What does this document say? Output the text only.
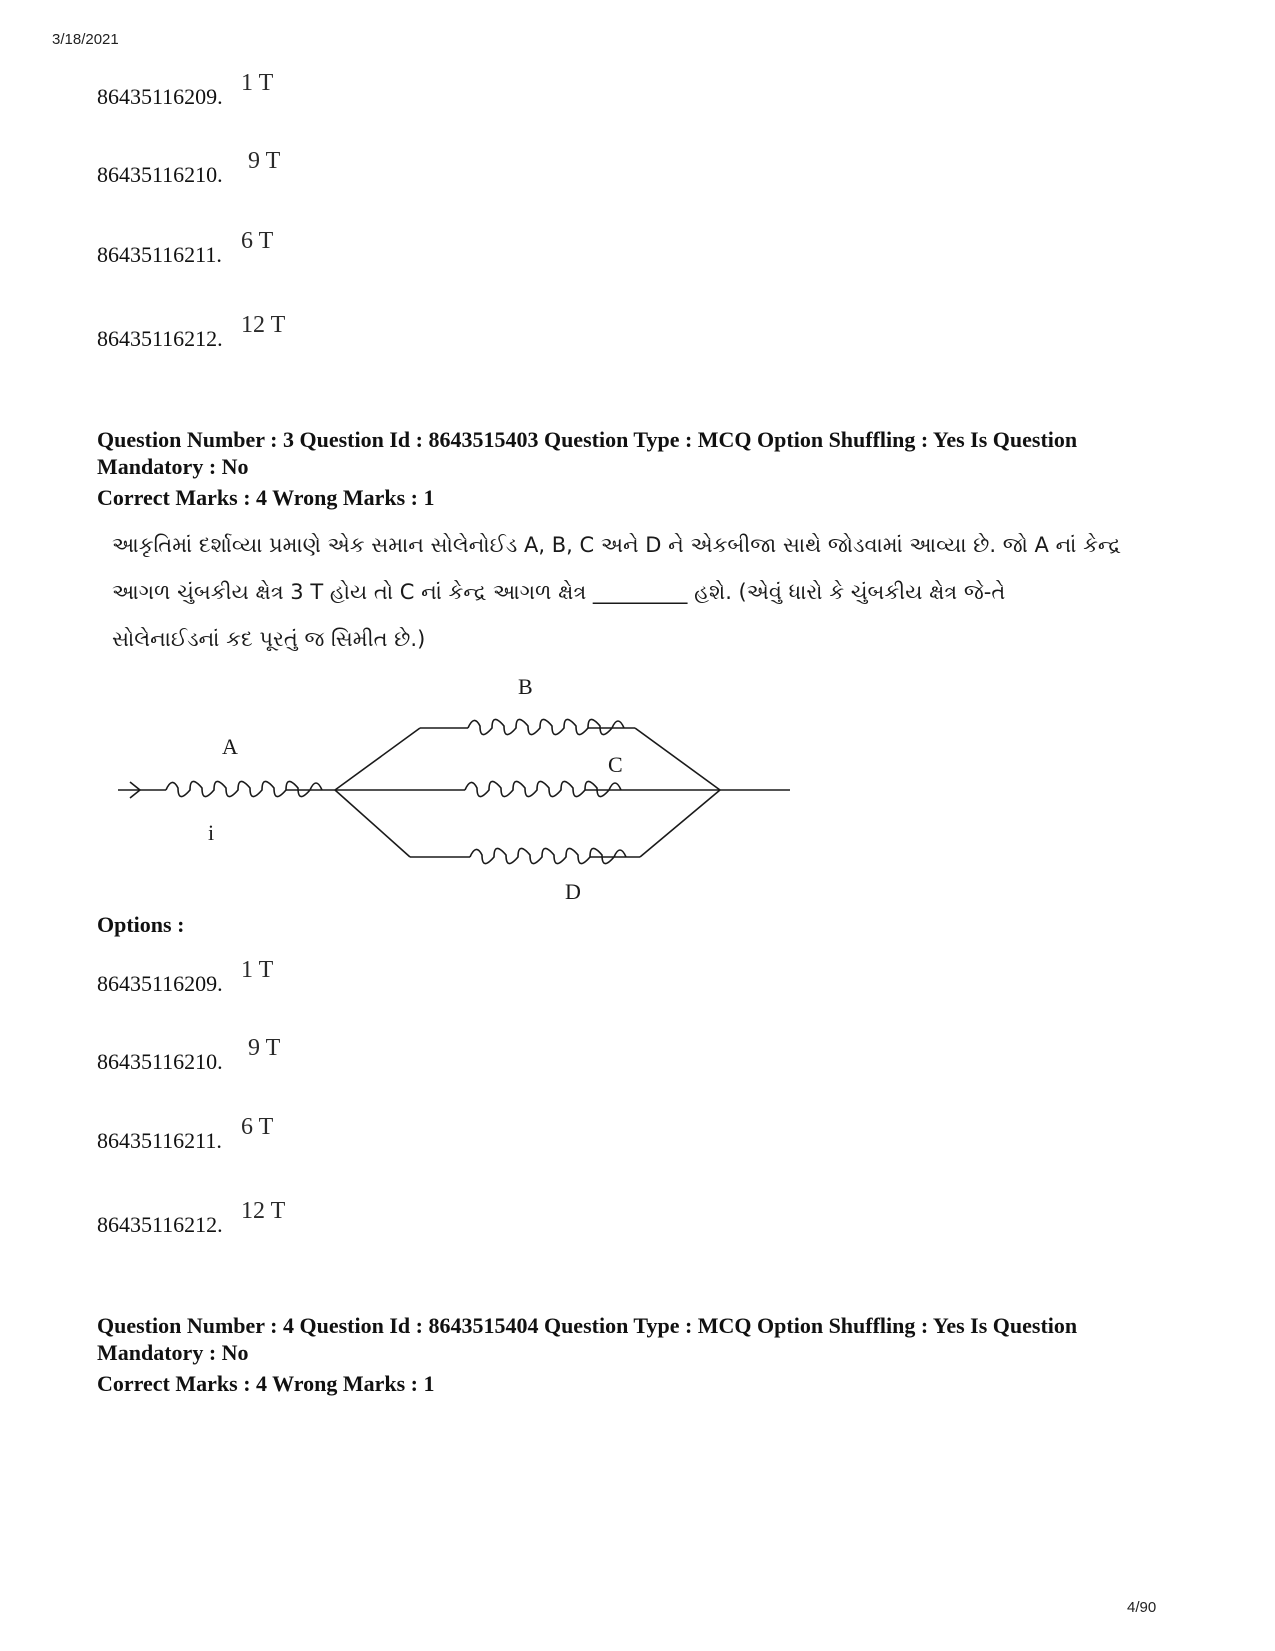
3/18/2021
86435116209.
1 T
86435116210.
9 T
86435116211.
6 T
86435116212.
12 T
Question Number : 3 Question Id : 8643515403 Question Type : MCQ Option Shuffling : Yes Is Question Mandatory : No
Correct Marks : 4 Wrong Marks : 1
આકૃતિમાં દર્શાવ્યા પ્રમાણે એક સમાન સોલેનોઈડ A, B, C અને D ને એકબીજા સાથે જોડવામાં આવ્યા છે. જો A નાં કેન્દ્ર
આગળ ચુંબકીય ક્ષેત્ર 3 T હોય તો C નાં કેન્દ્ર આગળ ક્ષેત્ર _________ હશે. (એવું ધારો કે ચુંબકીય ક્ષેત્ર જે-તે
સોલેનાઈડનાં કદ પૂરતું જ સિમીત છે.)
A
B
C
D
i
Options :
86435116209.
1 T
86435116210.
9 T
86435116211.
6 T
86435116212.
12 T
Question Number : 4 Question Id : 8643515404 Question Type : MCQ Option Shuffling : Yes Is Question Mandatory : No
Correct Marks : 4 Wrong Marks : 1
4/90
